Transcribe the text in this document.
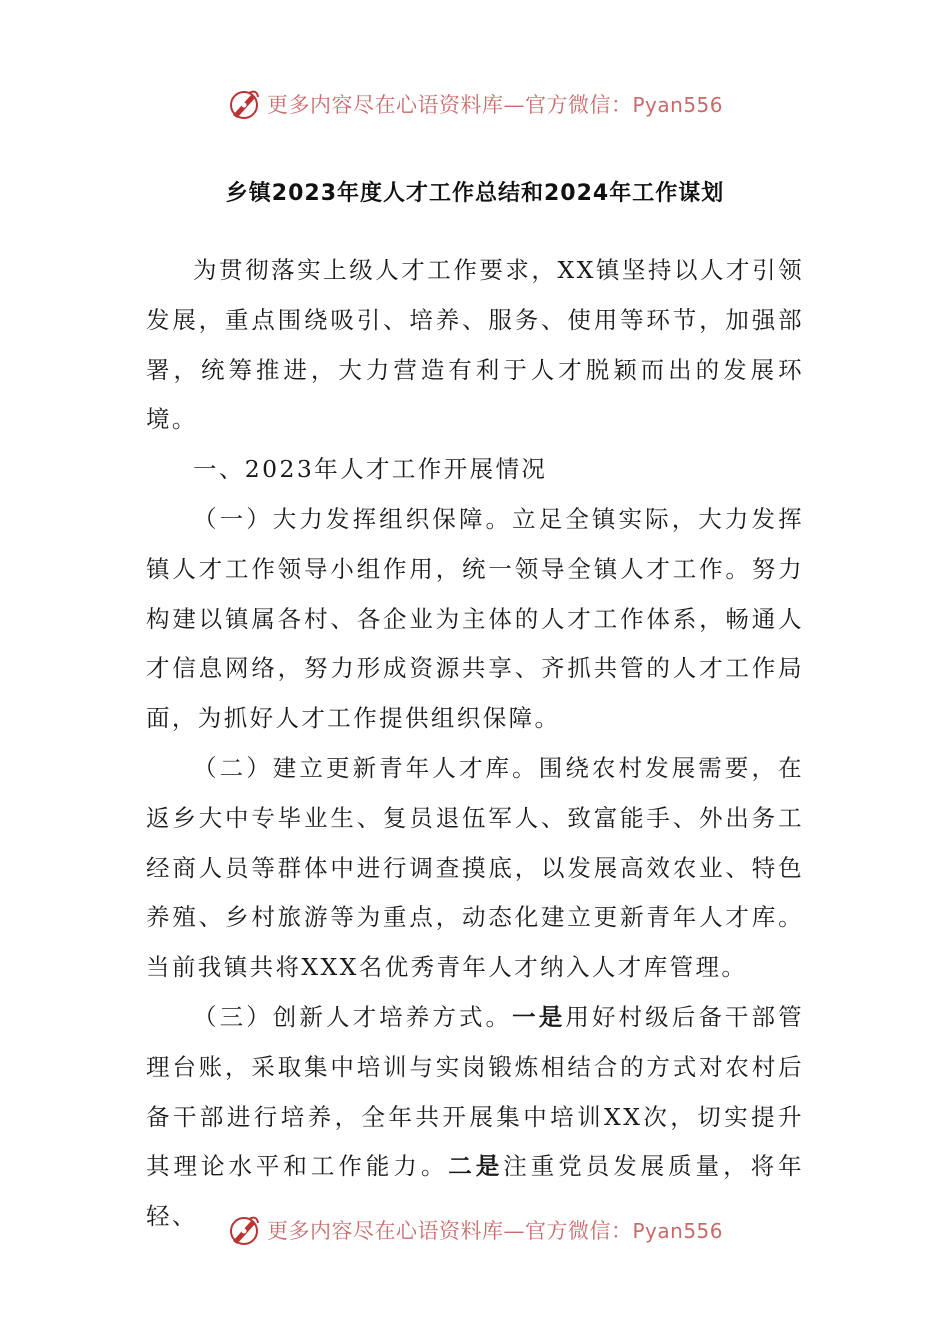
更多内容尽在心语资料库—官方微信：Pyan556
乡镇2023年度人才工作总结和2024年工作谋划

为贯彻落实上级人才工作要求，XX镇坚持以人才引领发展，重点围绕吸引、培养、服务、使用等环节，加强部署，统筹推进，大力营造有利于人才脱颖而出的发展环境。

一、2023年人才工作开展情况

（一）大力发挥组织保障。立足全镇实际，大力发挥镇人才工作领导小组作用，统一领导全镇人才工作。努力构建以镇属各村、各企业为主体的人才工作体系，畅通人才信息网络，努力形成资源共享、齐抓共管的人才工作局面，为抓好人才工作提供组织保障。

（二）建立更新青年人才库。围绕农村发展需要，在返乡大中专毕业生、复员退伍军人、致富能手、外出务工经商人员等群体中进行调查摸底，以发展高效农业、特色养殖、乡村旅游等为重点，动态化建立更新青年人才库。当前我镇共将XXX名优秀青年人才纳入人才库管理。

（三）创新人才培养方式。一是用好村级后备干部管理台账，采取集中培训与实岗锻炼相结合的方式对农村后备干部进行培养，全年共开展集中培训XX次，切实提升其理论水平和工作能力。二是注重党员发展质量，将年轻、

更多内容尽在心语资料库—官方微信：Pyan556
